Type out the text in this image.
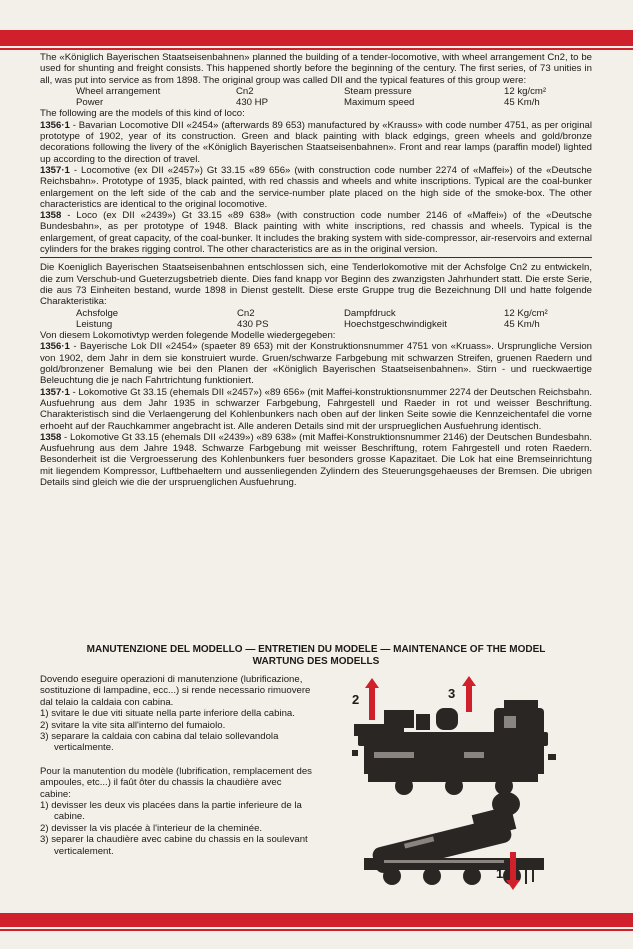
The «Königlich Bayerischen Staatseisenbahnen» planned the building of a tender-locomotive, with wheel arrangement Cn2, to be used for shunting and freight consists. This happened shortly before the beginning of the century. The first series, of 73 unities in all, was put into service as from 1898. The original group was called DII and the typical features of this group were:

Wheel arrangement	Cn2	Steam pressure	12 kg/cm²
Power	430 HP	Maximum speed	45 Km/h

The following are the models of this kind of loco:

1356·1 - Bavarian Locomotive DII «2454» (afterwards 89 653) manufactured by «Krauss» with code number 4751, as per original prototype of 1902, year of its construction. Green and black painting with black edgings, green wheels and gold/bronze decorations following the livery of the «Königlich Bayerischen Staatseisenbahnen». Front and rear lamps (paraffin model) lighted up according to the direction of travel.

1357·1 - Locomotive (ex DII «2457») Gt 33.15 «89 656» (with construction code number 2274 of «Maffei») of the «Deutsche Reichsbahn». Prototype of 1935, black painted, with red chassis and wheels and white inscriptions. Typical are the coal-bunker enlargement on the left side of the cab and the service-number plate placed on the high side of the smoke-box. The other characteristics are identical to the original locomotive.

1358 - Loco (ex DII «2439») Gt 33.15 «89 638» (with construction code number 2146 of «Maffei») of the «Deutsche Bundesbahn», as per prototype of 1948. Black painting with white inscriptions, red chassis and wheels. Typical is the enlargement, of great capacity, of the coal-bunker. It includes the braking system with side-compressor, air-reservoirs and external cylinders for the brakes rigging control. The other characteristics are as in the original version.

Die Koeniglich Bayerischen Staatseisenbahnen entschlossen sich, eine Tenderlokomotive mit der Achsfolge Cn2 zu entwickeln, die zum Verschub-und Gueterzugsbetrieb diente. Dies fand knapp vor Beginn des zwanzigsten Jahrhundert statt. Die erste Serie, die aus 73 Einheiten bestand, wurde 1898 in Dienst gestellt. Diese erste Gruppe trug die Bezeichnung DII und hatte folgende Charakteristika:

Achsfolge	Cn2	Dampfdruck	12 Kg/cm²
Leistung	430 PS	Hoechstgeschwindigkeit	45 Km/h

Von diesem Lokomotivtyp werden folegende Modelle wiedergegeben:

1356·1 - Bayerische Lok DII «2454» (spaeter 89 653) mit der Konstruktionsnummer 4751 von «Kruass». Ursprungliche Version von 1902, dem Jahr in dem sie konstruiert wurde. Gruen/schwarze Farbgebung mit schwarzen Streifen, gruenen Raedern und gold/bronzener Bemalung wie bei den Planen der «Königlich Bayerischen Staatseisenbahnen». Stirn - und rueckwaertige Beleuchtung die je nach Fahrtrichtung funktioniert.

1357·1 - Lokomotive Gt 33.15 (ehemals DII «2457») «89 656» (mit Maffei-konstruktionsnummer 2274 der Deutschen Reichsbahn. Ausfuehrung aus dem Jahr 1935 in schwarzer Farbgebung, Fahrgestell und Raeder in rot und weisser Beschriftung. Charakteristisch sind die Verlaengerung del Kohlenbunkers nach oben auf der linken Seite sowie die Kennzeichentafel die vorne erhoeht auf der Rauchkammer angebracht ist. Alle anderen Details sind mit der ursprueglichen Ausfuehrung identisch.

1358 - Lokomotive Gt 33.15 (ehemals DII «2439») «89 638» (mit Maffei-Konstruktionsnummer 2146) der Deutschen Bundesbahn. Ausfuehrung aus dem Jahre 1948. Schwarze Farbgebung mit weisser Beschriftung, rotem Fahrgestell und roten Raedern. Besonderheit ist die Vergroesserung des Kohlenbunkers fuer besonders grosse Kapazitaet. Die Lok hat eine Bremseinrichtung mit liegendem Kompressor, Luftbehaeltern und aussenliegenden Zylindern des Steuerungsgehaeuses der Bremsen. Die ubrigen Details sind gleich wie die der urspruenglichen Ausfuehrung.

MANUTENZIONE DEL MODELLO — ENTRETIEN DU MODELE — MAINTENANCE OF THE MODEL
WARTUNG DES MODELLS

Dovendo eseguire operazioni di manutenzione (lubrificazione, sostituzione di lampadine, ecc...) si rende necessario rimuovere dal telaio la caldaia con cabina.

1) svitare le due viti situate nella parte inferiore della cabina.
2) svitare la vite sita all'interno del fumaiolo.
3) separare la caldaia con cabina dal telaio sollevandola verticalmente.

Pour la manutention du modèle (lubrification, remplacement des ampoules, etc...) il faût ôter du chassis la chaudière avec cabine:

1) devisser les deux vis placées dans la partie inferieure de la cabine.
2) devisser la vis placée à l'interieur de la cheminée.
3) separer la chaudière avec cabine du chassis en la soulevant verticalement.
2	3
1
